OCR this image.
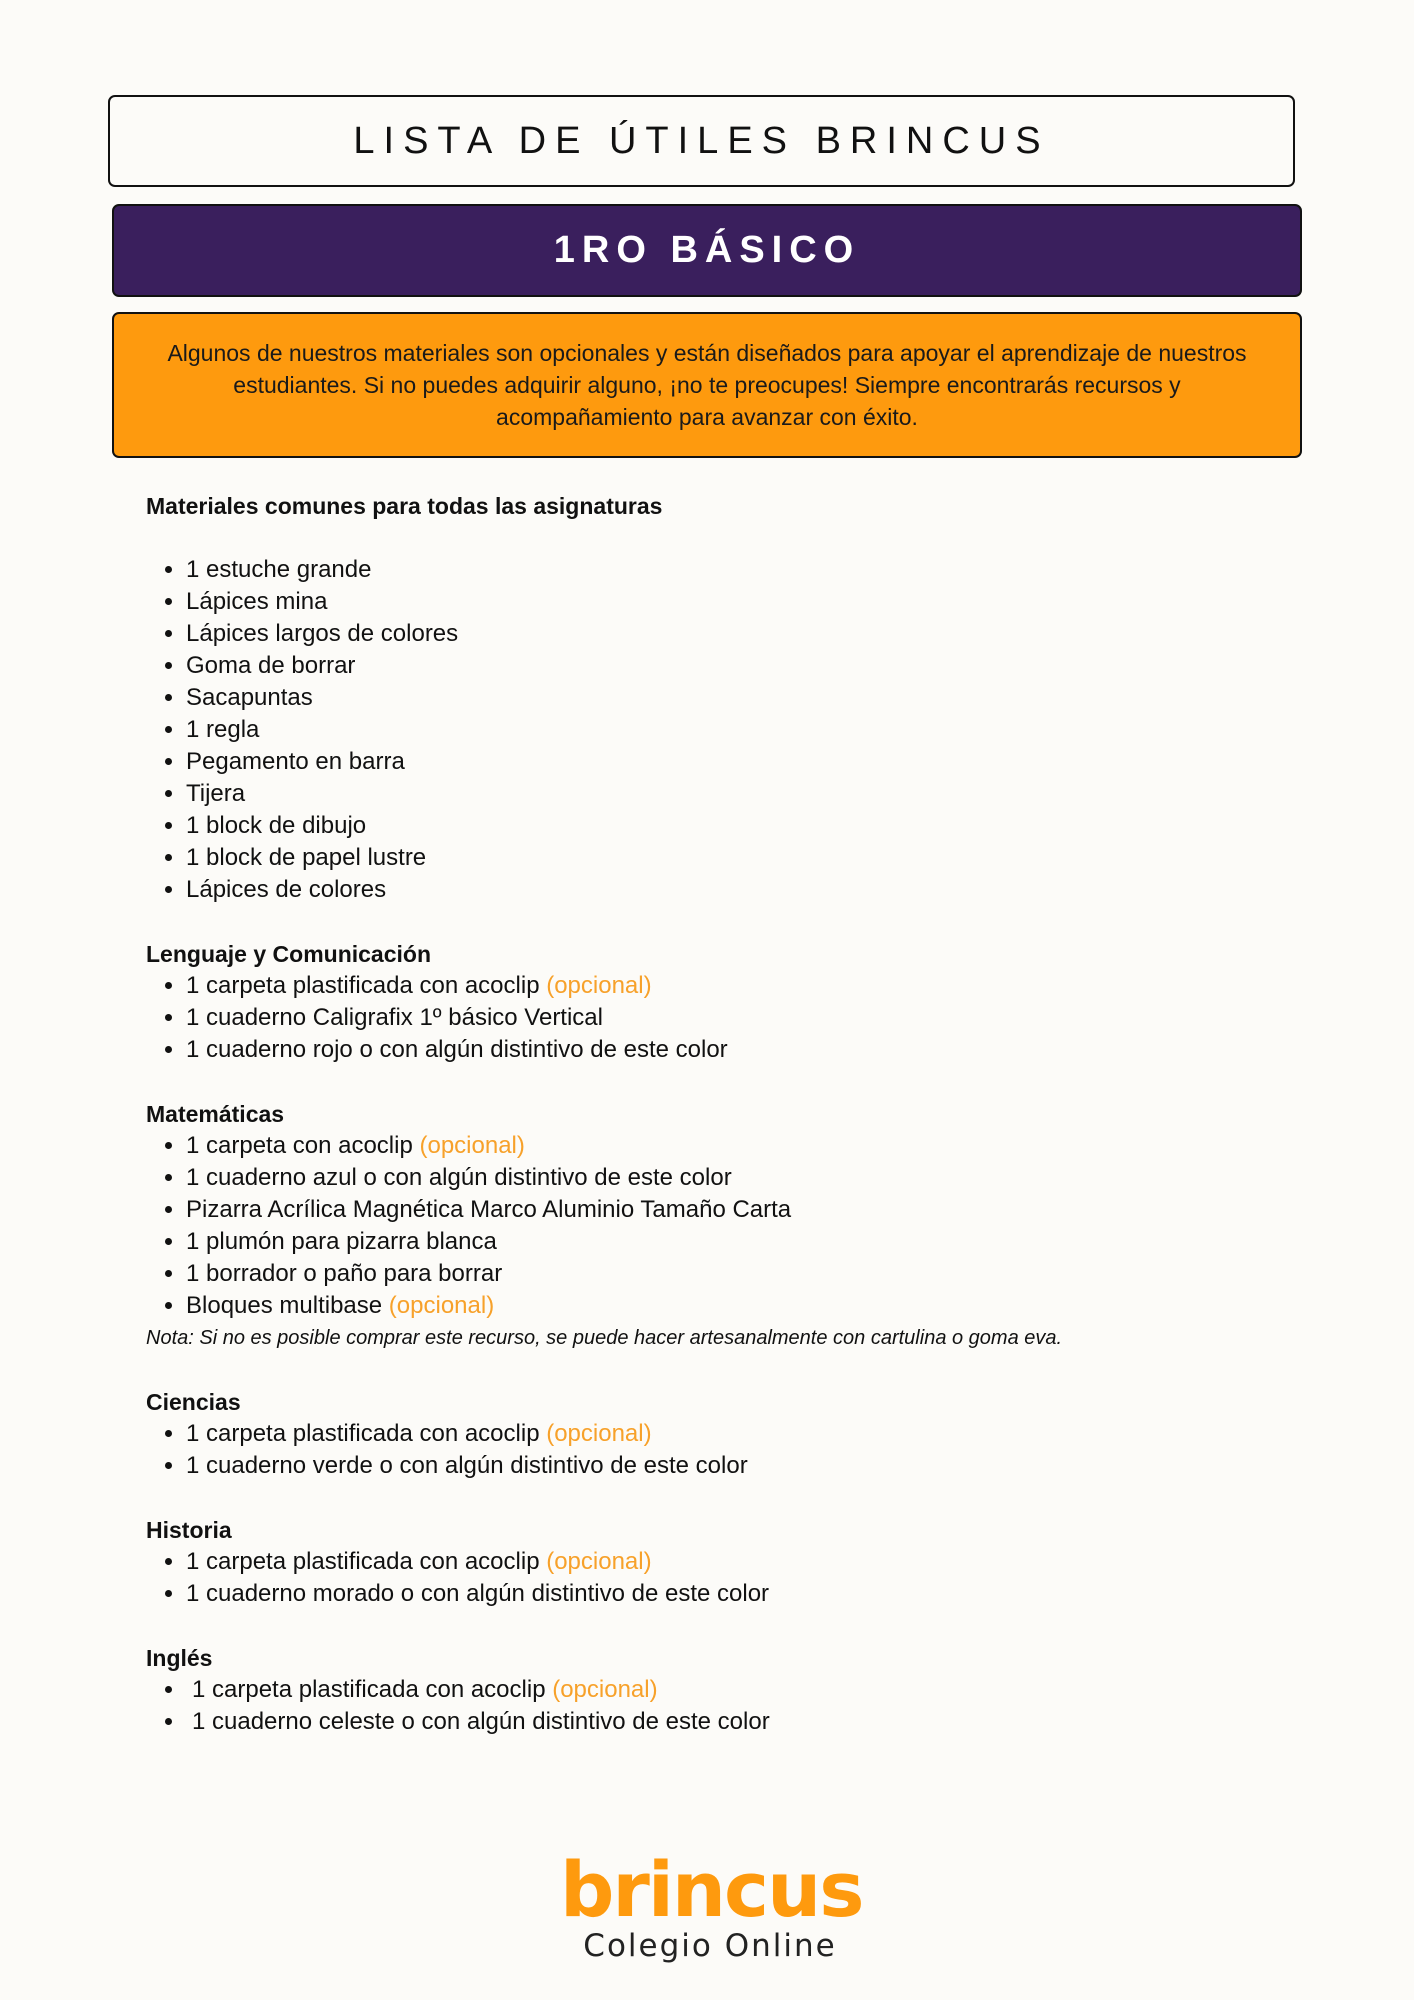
LISTA DE ÚTILES BRINCUS
1RO BÁSICO
Algunos de nuestros materiales son opcionales y están diseñados para apoyar el aprendizaje de nuestros estudiantes. Si no puedes adquirir alguno, ¡no te preocupes! Siempre encontrarás recursos y acompañamiento para avanzar con éxito.
Materiales comunes para todas las asignaturas
• 1 estuche grande
• Lápices mina
• Lápices largos de colores
• Goma de borrar
• Sacapuntas
• 1 regla
• Pegamento en barra
• Tijera
• 1 block de dibujo
• 1 block de papel lustre
• Lápices de colores
Lenguaje y Comunicación
• 1 carpeta plastificada con acoclip (opcional)
• 1 cuaderno Caligrafix 1º básico Vertical
• 1 cuaderno rojo o con algún distintivo de este color
Matemáticas
• 1 carpeta con acoclip (opcional)
• 1 cuaderno azul o con algún distintivo de este color
• Pizarra Acrílica Magnética Marco Aluminio Tamaño Carta
• 1 plumón para pizarra blanca
• 1 borrador o paño para borrar
• Bloques multibase (opcional)
Nota: Si no es posible comprar este recurso, se puede hacer artesanalmente con cartulina o goma eva.
Ciencias
• 1 carpeta plastificada con acoclip (opcional)
• 1 cuaderno verde o con algún distintivo de este color
Historia
• 1 carpeta plastificada con acoclip (opcional)
• 1 cuaderno morado o con algún distintivo de este color
Inglés
• 1 carpeta plastificada con acoclip (opcional)
• 1 cuaderno celeste o con algún distintivo de este color
brincus
Colegio Online
